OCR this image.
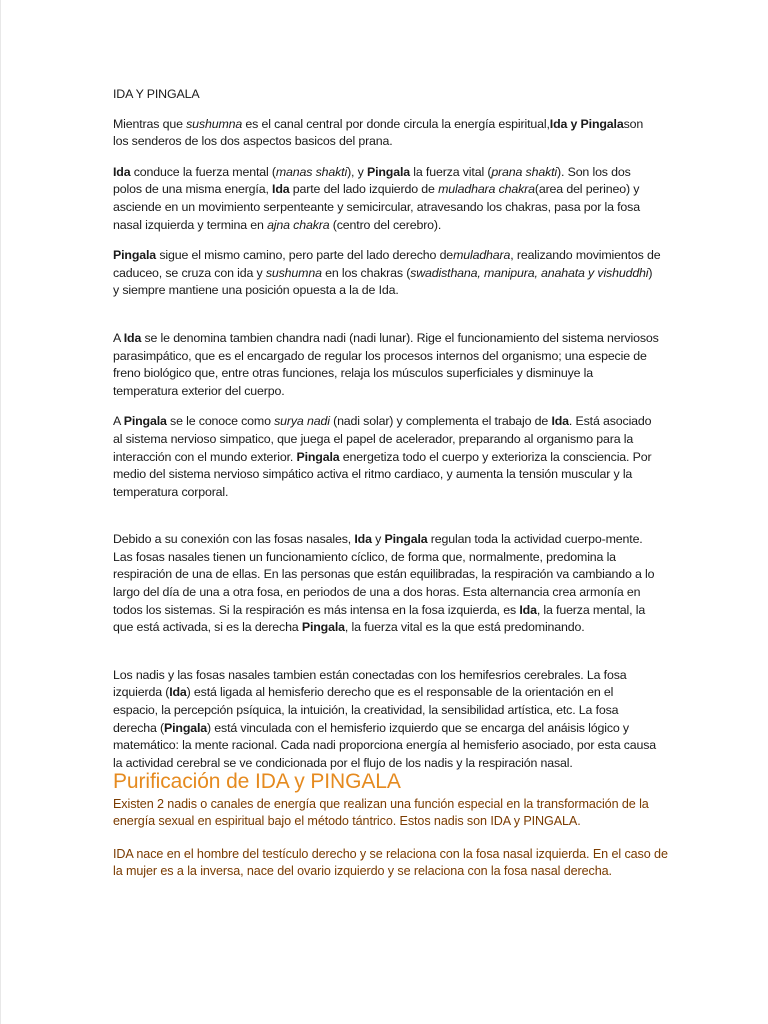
IDA Y PINGALA

Mientras que sushumna es el canal central por donde circula la energía espiritual,Ida y Pingalason los senderos de los dos aspectos basicos del prana.

Ida conduce la fuerza mental (manas shakti), y Pingala la fuerza vital (prana shakti). Son los dos polos de una misma energía, Ida parte del lado izquierdo de muladhara chakra(area del perineo) y asciende en un movimiento serpenteante y semicircular, atravesando los chakras, pasa por la fosa nasal izquierda y termina en ajna chakra (centro del cerebro).

Pingala sigue el mismo camino, pero parte del lado derecho demuladhara, realizando movimientos de caduceo, se cruza con ida y sushumna en los chakras (swadisthana, manipura, anahata y vishuddhi) y siempre mantiene una posición opuesta a la de Ida.

A Ida se le denomina tambien chandra nadi (nadi lunar). Rige el funcionamiento del sistema nerviosos parasimpático, que es el encargado de regular los procesos internos del organismo; una especie de freno biológico que, entre otras funciones, relaja los músculos superficiales y disminuye la temperatura exterior del cuerpo.

A Pingala se le conoce como surya nadi (nadi solar) y complementa el trabajo de Ida. Está asociado al sistema nervioso simpatico, que juega el papel de acelerador, preparando al organismo para la interacción con el mundo exterior. Pingala energetiza todo el cuerpo y exterioriza la consciencia. Por medio del sistema nervioso simpático activa el ritmo cardiaco, y aumenta la tensión muscular y la temperatura corporal.

Debido a su conexión con las fosas nasales, Ida y Pingala regulan toda la actividad cuerpo-mente. Las fosas nasales tienen un funcionamiento cíclico, de forma que, normalmente, predomina la respiración de una de ellas. En las personas que están equilibradas, la respiración va cambiando a lo largo del día de una a otra fosa, en periodos de una a dos horas. Esta alternancia crea armonía en todos los sistemas. Si la respiración es más intensa en la fosa izquierda, es Ida, la fuerza mental, la que está activada, si es la derecha Pingala, la fuerza vital es la que está predominando.

Los nadis y las fosas nasales tambien están conectadas con los hemifesrios cerebrales. La fosa izquierda (Ida) está ligada al hemisferio derecho que es el responsable de la orientación en el espacio, la percepción psíquica, la intuición, la creatividad, la sensibilidad artística, etc. La fosa derecha (Pingala) está vinculada con el hemisferio izquierdo que se encarga del anáisis lógico y matemático: la mente racional. Cada nadi proporciona energía al hemisferio asociado, por esta causa la actividad cerebral se ve condicionada por el flujo de los nadis y la respiración nasal.

Purificación de IDA y PINGALA

Existen 2 nadis o canales de energía que realizan una función especial en la transformación de la energía sexual en espiritual bajo el método tántrico. Estos nadis son IDA y PINGALA.

IDA nace en el hombre del testículo derecho y se relaciona con la fosa nasal izquierda. En el caso de la mujer es a la inversa, nace del ovario izquierdo y se relaciona con la fosa nasal derecha.
